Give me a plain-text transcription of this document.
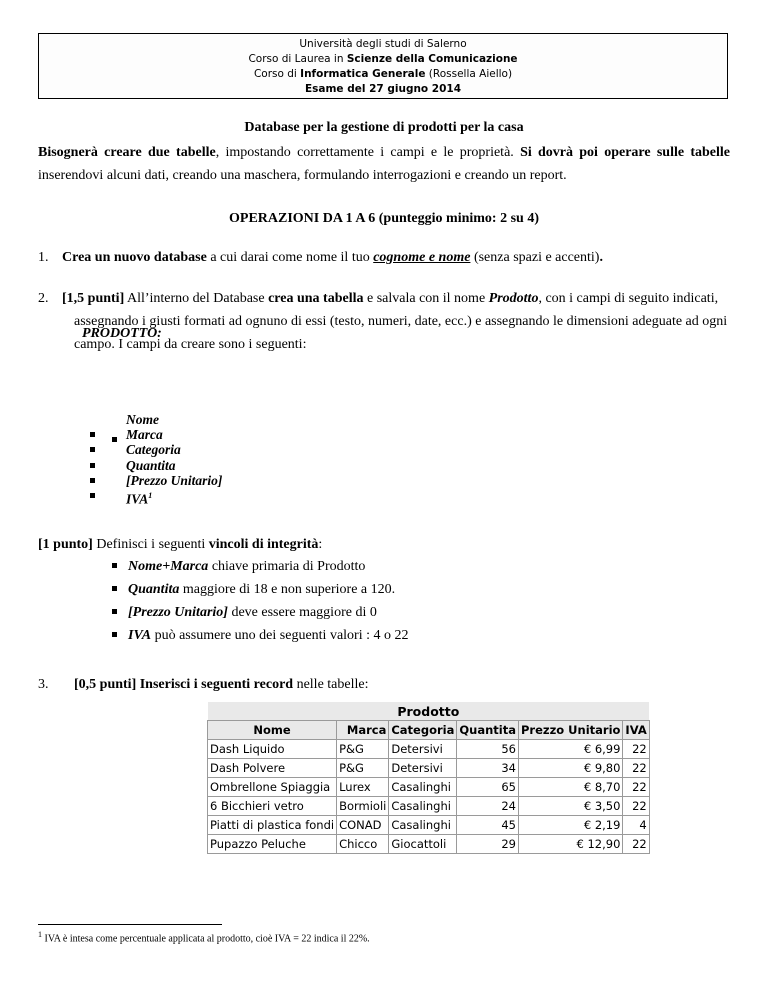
Università degli studi di Salerno
Corso di Laurea in Scienze della Comunicazione
Corso di Informatica Generale (Rossella Aiello)
Esame del 27 giugno 2014
Database per la gestione di prodotti per la casa
Bisognerà creare due tabelle, impostando correttamente i campi e le proprietà. Si dovrà poi operare sulle tabelle inserendovi alcuni dati, creando una maschera, formulando interrogazioni e creando un report.
OPERAZIONI DA 1 A 6 (punteggio minimo: 2 su 4)
1. Crea un nuovo database a cui darai come nome il tuo cognome e nome (senza spazi e accenti).
2. [1,5 punti] All’interno del Database crea una tabella e salvala con il nome Prodotto, con i campi di seguito indicati, assegnando i giusti formati ad ognuno di essi (testo, numeri, date, ecc.) e assegnando le dimensioni adeguate ad ogni campo. I campi da creare sono i seguenti:
PRODOTTO:
Nome
Marca
Categoria
Quantita
[Prezzo Unitario]
IVA$^1$
[1 punto] Definisci i seguenti vincoli di integrità:
Nome+Marca chiave primaria di Prodotto
Quantita maggiore di 18 e non superiore a 120.
[Prezzo Unitario] deve essere maggiore di 0
IVA può assumere uno dei seguenti valori : 4 o 22
3. [0,5 punti] Inserisci i seguenti record nelle tabelle:
Prodotto					
Nome	Marca	Categoria	Quantita	Prezzo Unitario	IVA
Dash Liquido	P&G	Detersivi	56	€ 6,99	22
Dash Polvere	P&G	Detersivi	34	€ 9,80	22
Ombrellone Spiaggia	Lurex	Casalinghi	65	€ 8,70	22
6 Bicchieri vetro	Bormioli	Casalinghi	24	€ 3,50	22
Piatti di plastica fondi	CONAD	Casalinghi	45	€ 2,19	4
Pupazzo Peluche	Chicco	Giocattoli	29	€ 12,90	22
$^1$ IVA è intesa come percentuale applicata al prodotto, cioè IVA = 22 indica il 22%.
